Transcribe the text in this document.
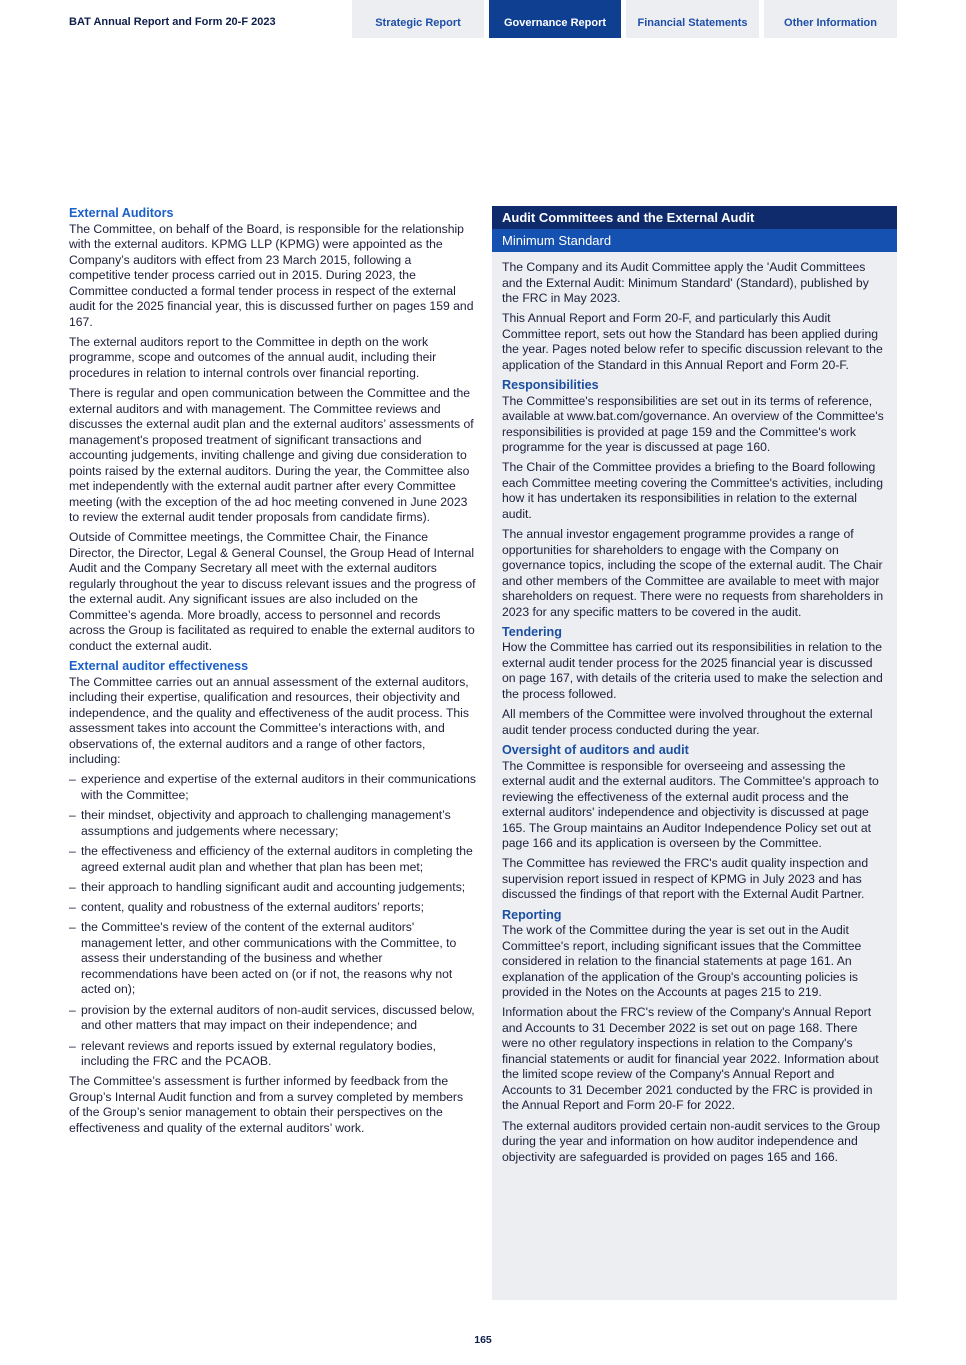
BAT Annual Report and Form 20-F 2023	Strategic Report	Governance Report	Financial Statements	Other Information
External Auditors

The Committee, on behalf of the Board, is responsible for the relationship with the external auditors. KPMG LLP (KPMG) were appointed as the Company’s auditors with effect from 23 March 2015, following a competitive tender process carried out in 2015. During 2023, the Committee conducted a formal tender process in respect of the external audit for the 2025 financial year, this is discussed further on pages 159 and 167.

The external auditors report to the Committee in depth on the work programme, scope and outcomes of the annual audit, including their procedures in relation to internal controls over financial reporting.

There is regular and open communication between the Committee and the external auditors and with management. The Committee reviews and discusses the external audit plan and the external auditors’ assessments of management's proposed treatment of significant transactions and accounting judgements, inviting challenge and giving due consideration to points raised by the external auditors. During the year, the Committee also met independently with the external audit partner after every Committee meeting (with the exception of the ad hoc meeting convened in June 2023 to review the external audit tender proposals from candidate firms).

Outside of Committee meetings, the Committee Chair, the Finance Director, the Director, Legal & General Counsel, the Group Head of Internal Audit and the Company Secretary all meet with the external auditors regularly throughout the year to discuss relevant issues and the progress of the external audit. Any significant issues are also included on the Committee’s agenda. More broadly, access to personnel and records across the Group is facilitated as required to enable the external auditors to conduct the external audit.

External auditor effectiveness

The Committee carries out an annual assessment of the external auditors, including their expertise, qualification and resources, their objectivity and independence, and the quality and effectiveness of the audit process. This assessment takes into account the Committee’s interactions with, and observations of, the external auditors and a range of other factors, including:

– experience and expertise of the external auditors in their communications with the Committee;
– their mindset, objectivity and approach to challenging management’s assumptions and judgements where necessary;
– the effectiveness and efficiency of the external auditors in completing the agreed external audit plan and whether that plan has been met;
– their approach to handling significant audit and accounting judgements;
– content, quality and robustness of the external auditors’ reports;
– the Committee's review of the content of the external auditors' management letter, and other communications with the Committee, to assess their understanding of the business and whether recommendations have been acted on (or if not, the reasons why not acted on);
– provision by the external auditors of non-audit services, discussed below, and other matters that may impact on their independence; and
– relevant reviews and reports issued by external regulatory bodies, including the FRC and the PCAOB.

The Committee’s assessment is further informed by feedback from the Group’s Internal Audit function and from a survey completed by members of the Group’s senior management to obtain their perspectives on the effectiveness and quality of the external auditors’ work.

Audit Committees and the External Audit
Minimum Standard

The Company and its Audit Committee apply the 'Audit Committees and the External Audit: Minimum Standard' (Standard), published by the FRC in May 2023.

This Annual Report and Form 20-F, and particularly this Audit Committee report, sets out how the Standard has been applied during the year. Pages noted below refer to specific discussion relevant to the application of the Standard in this Annual Report and Form 20-F.

Responsibilities

The Committee's responsibilities are set out in its terms of reference, available at www.bat.com/governance. An overview of the Committee's responsibilities is provided at page 159 and the Committee's work programme for the year is discussed at page 160.

The Chair of the Committee provides a briefing to the Board following each Committee meeting covering the Committee's activities, including how it has undertaken its responsibilities in relation to the external audit.

The annual investor engagement programme provides a range of opportunities for shareholders to engage with the Company on governance topics, including the scope of the external audit. The Chair and other members of the Committee are available to meet with major shareholders on request. There were no requests from shareholders in 2023 for any specific matters to be covered in the audit.

Tendering

How the Committee has carried out its responsibilities in relation to the external audit tender process for the 2025 financial year is discussed on page 167, with details of the criteria used to make the selection and the process followed.

All members of the Committee were involved throughout the external audit tender process conducted during the year.

Oversight of auditors and audit

The Committee is responsible for overseeing and assessing the external audit and the external auditors. The Committee's approach to reviewing the effectiveness of the external audit process and the external auditors' independence and objectivity is discussed at page 165. The Group maintains an Auditor Independence Policy set out at page 166 and its application is overseen by the Committee.

The Committee has reviewed the FRC's audit quality inspection and supervision report issued in respect of KPMG in July 2023 and has discussed the findings of that report with the External Audit Partner.

Reporting

The work of the Committee during the year is set out in the Audit Committee's report, including significant issues that the Committee considered in relation to the financial statements at page 161. An explanation of the application of the Group's accounting policies is provided in the Notes on the Accounts at pages 215 to 219.

Information about the FRC's review of the Company's Annual Report and Accounts to 31 December 2022 is set out on page 168. There were no other regulatory inspections in relation to the Company's financial statements or audit for financial year 2022. Information about the limited scope review of the Company's Annual Report and Accounts to 31 December 2021 conducted by the FRC is provided in the Annual Report and Form 20-F for 2022.

The external auditors provided certain non-audit services to the Group during the year and information on how auditor independence and objectivity are safeguarded is provided on pages 165 and 166.

165
